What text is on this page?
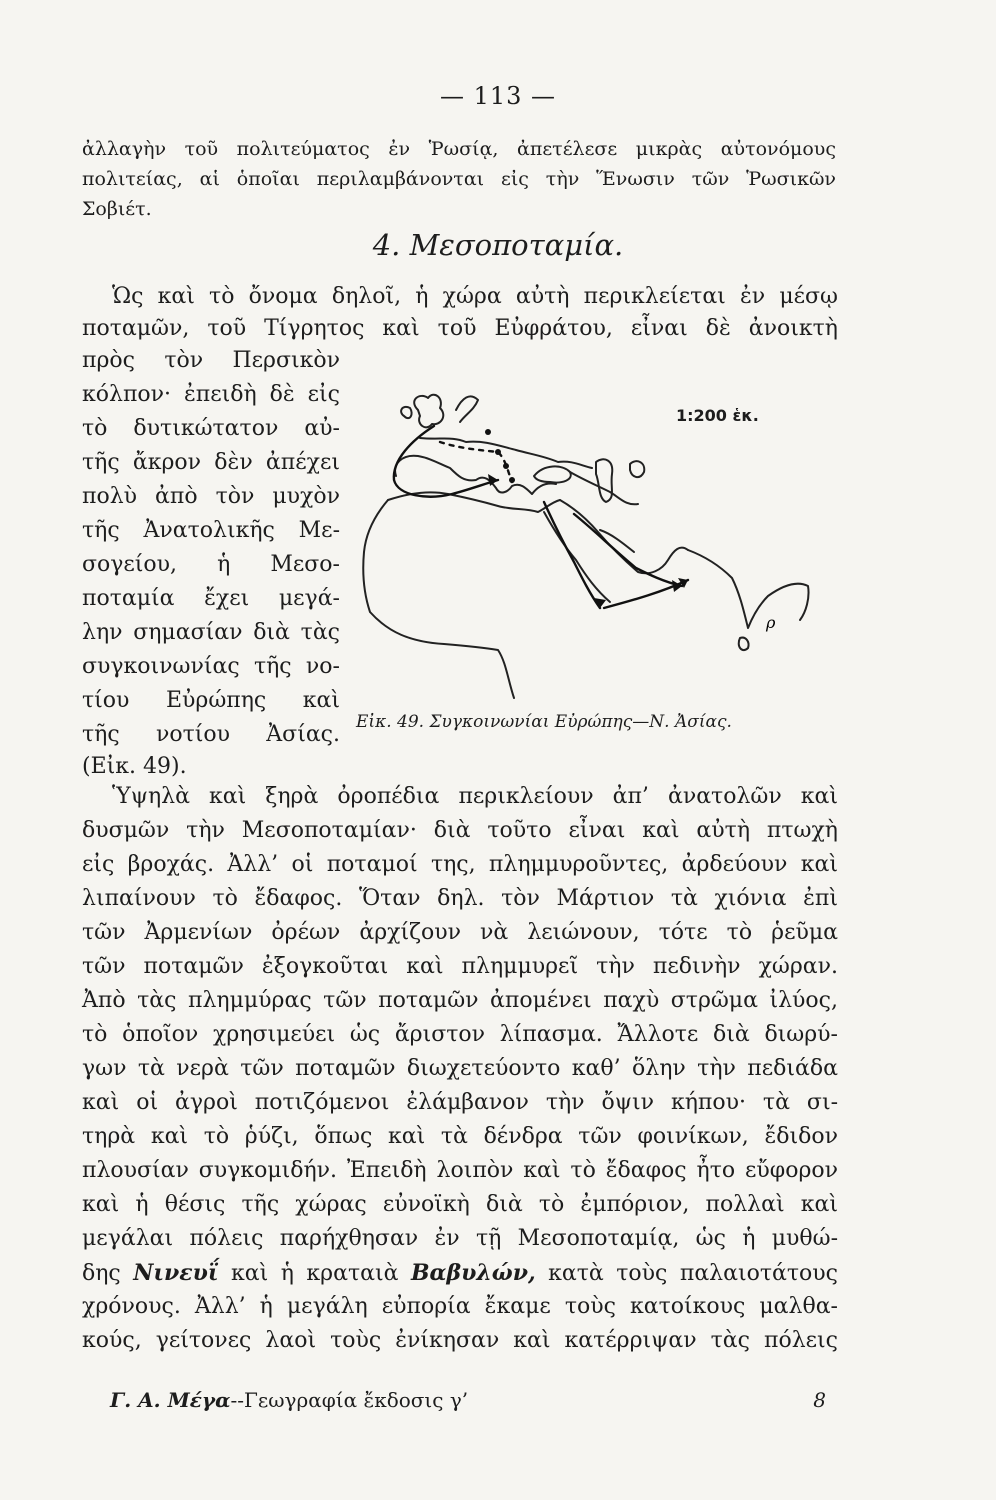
— 113 —
ἀλλαγὴν τοῦ πολιτεύματος ἐν Ῥωσίᾳ, ἀπετέλεσε μικρὰς αὐτονόμους
πολιτείας, αἱ ὁποῖαι περιλαμβάνονται εἰς τὴν Ἕνωσιν τῶν Ῥωσικῶν
Σοβιέτ.
4. Μεσοποταμία.
Ὡς καὶ τὸ ὄνομα δηλοῖ, ἡ χώρα αὐτὴ περικλείεται ἐν μέσῳ
ποταμῶν, τοῦ Τίγρητος καὶ τοῦ Εὐφράτου, εἶναι δὲ ἀνοικτὴ
πρὸς τὸν Περσικὸν
κόλπον· ἐπειδὴ δὲ εἰς
τὸ δυτικώτατον αὐ-
τῆς ἄκρον δὲν ἀπέχει
πολὺ ἀπὸ τὸν μυχὸν
τῆς Ἀνατολικῆς Με-
σογείου, ἡ Μεσο-
ποταμία ἔχει μεγά-
λην σημασίαν διὰ τὰς
συγκοινωνίας τῆς νο-
τίου Εὐρώπης καὶ
τῆς νοτίου Ἀσίας.
(Εἰκ. 49).
ρ
1:200 ἑκ.
Εἰκ. 49. Συγκοινωνίαι Εὐρώπης—Ν. Ἀσίας.
Ὑψηλὰ καὶ ξηρὰ ὀροπέδια περικλείουν ἀπ’ ἀνατολῶν καὶ
δυσμῶν τὴν Μεσοποταμίαν· διὰ τοῦτο εἶναι καὶ αὐτὴ πτωχὴ
εἰς βροχάς. Ἀλλ’ οἱ ποταμοί της, πλημμυροῦντες, ἀρδεύουν καὶ
λιπαίνουν τὸ ἔδαφος. Ὅταν δηλ. τὸν Μάρτιον τὰ χιόνια ἐπὶ
τῶν Ἀρμενίων ὀρέων ἀρχίζουν νὰ λειώνουν, τότε τὸ ῥεῦμα
τῶν ποταμῶν ἐξογκοῦται καὶ πλημμυρεῖ τὴν πεδινὴν χώραν.
Ἀπὸ τὰς πλημμύρας τῶν ποταμῶν ἀπομένει παχὺ στρῶμα ἰλύος,
τὸ ὁποῖον χρησιμεύει ὡς ἄριστον λίπασμα. Ἄλλοτε διὰ διωρύ-
γων τὰ νερὰ τῶν ποταμῶν διωχετεύοντο καθ’ ὅλην τὴν πεδιάδα
καὶ οἱ ἀγροὶ ποτιζόμενοι ἐλάμβανον τὴν ὄψιν κήπου· τὰ σι-
τηρὰ καὶ τὸ ῥύζι, ὅπως καὶ τὰ δένδρα τῶν φοινίκων, ἔδιδον
πλουσίαν συγκομιδήν. Ἐπειδὴ λοιπὸν καὶ τὸ ἔδαφος ἦτο εὔφορον
καὶ ἡ θέσις τῆς χώρας εὐνοϊκὴ διὰ τὸ ἐμπόριον, πολλαὶ καὶ
μεγάλαι πόλεις παρήχθησαν ἐν τῇ Μεσοποταμίᾳ, ὡς ἡ μυθώ-
δης Νινευΐ καὶ ἡ κραταιὰ Βαβυλών, κατὰ τοὺς παλαιοτάτους
χρόνους. Ἀλλ’ ἡ μεγάλη εὐπορία ἔκαμε τοὺς κατοίκους μαλθα-
κούς, γείτονες λαοὶ τοὺς ἐνίκησαν καὶ κατέρριψαν τὰς πόλεις
Γ. Α. Μέγα--Γεωγραφία ἔκδοσις γ’	8
